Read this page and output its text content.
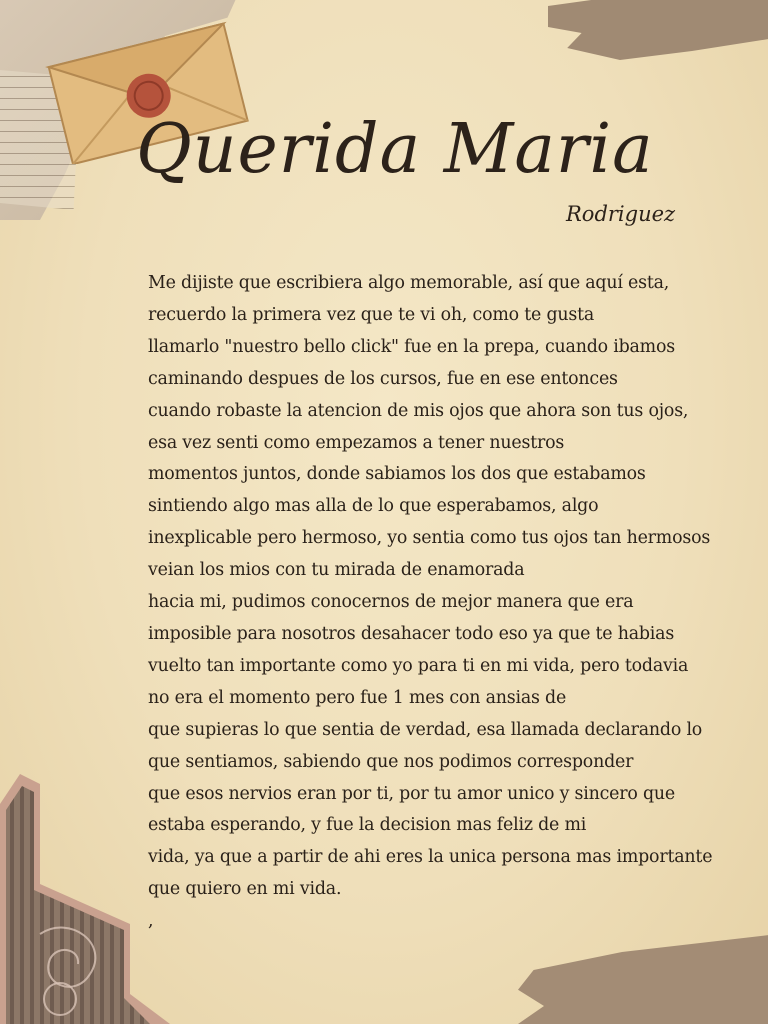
Querida Maria

Rodriguez

Me dijiste que escribiera algo memorable, así que aquí esta,
recuerdo la primera vez que te vi oh, como te gusta
llamarlo "nuestro bello click" fue en la prepa, cuando ibamos
caminando despues de los cursos, fue en ese entonces
cuando robaste la atencion de mis ojos que ahora son tus ojos,
esa vez senti como empezamos a tener nuestros
momentos juntos, donde sabiamos los dos que estabamos
sintiendo algo mas alla de lo que esperabamos, algo
inexplicable pero hermoso, yo sentia como tus ojos tan hermosos
veian los mios con tu mirada de enamorada
hacia mi, pudimos conocernos de mejor manera que era
imposible para nosotros desahacer todo eso ya que te habias
vuelto tan importante como yo para ti en mi vida, pero todavia
no era el momento pero fue 1 mes con ansias de
que supieras lo que sentia de verdad, esa llamada declarando lo
que sentiamos, sabiendo que nos podimos corresponder
que esos nervios eran por ti, por tu amor unico y sincero que
estaba esperando, y fue la decision mas feliz de mi
vida, ya que a partir de ahi eres la unica persona mas importante
que quiero en mi vida.
,
